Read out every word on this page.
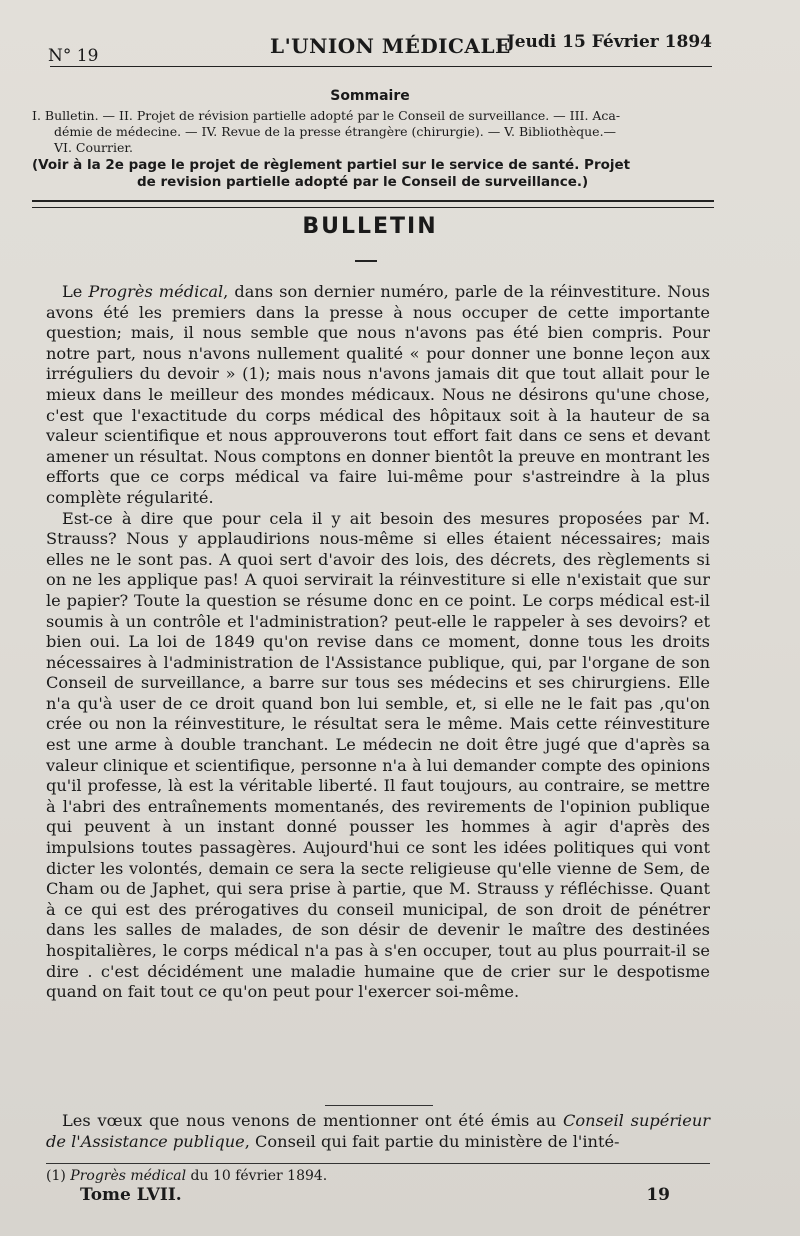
N° 19	L'UNION MÉDICALE
Jeudi 15 Février 1894
Sommaire
I. Bulletin. — II. Projet de révision partielle adopté par le Conseil de surveillance. — III. Aca-
démie de médecine. — IV. Revue de la presse étrangère (chirurgie). — V. Bibliothèque.—
VI. Courrier.
(Voir à la 2e page le projet de règlement partiel sur le service de santé. Projet
de revision partielle adopté par le Conseil de surveillance.)
BULLETIN

Le Progrès médical, dans son dernier numéro, parle de la réinvestiture. Nous avons été les premiers dans la presse à nous occuper de cette importante question; mais, il nous semble que nous n'avons pas été bien compris. Pour notre part, nous n'avons nullement qualité « pour donner une bonne leçon aux irréguliers du devoir » (1); mais nous n'avons jamais dit que tout allait pour le mieux dans le meilleur des mondes médicaux. Nous ne désirons qu'une chose, c'est que l'exactitude du corps médical des hôpitaux soit à la hauteur de sa valeur scientifique et nous approuverons tout effort fait dans ce sens et devant amener un résultat. Nous comptons en donner bientôt la preuve en montrant les efforts que ce corps médical va faire lui-même pour s'astreindre à la plus complète régularité.

Est-ce à dire que pour cela il y ait besoin des mesures proposées par M. Strauss? Nous y applaudirions nous-même si elles étaient nécessaires; mais elles ne le sont pas. A quoi sert d'avoir des lois, des décrets, des règlements si on ne les applique pas! A quoi servirait la réinvestiture si elle n'existait que sur le papier? Toute la question se résume donc en ce point. Le corps médical est-il soumis à un contrôle et l'administration? peut-elle le rappeler à ses devoirs? et bien oui. La loi de 1849 qu'on revise dans ce moment, donne tous les droits nécessaires à l'administration de l'Assistance publique, qui, par l'organe de son Conseil de surveillance, a barre sur tous ses médecins et ses chirurgiens. Elle n'a qu'à user de ce droit quand bon lui semble, et, si elle ne le fait pas ,qu'on crée ou non la réinvestiture, le résultat sera le même. Mais cette réinvestiture est une arme à double tranchant. Le médecin ne doit être jugé que d'après sa valeur clinique et scientifique, personne n'a à lui demander compte des opinions qu'il professe, là est la véritable liberté. Il faut toujours, au contraire, se mettre à l'abri des entraînements momentanés, des revirements de l'opinion publique qui peuvent à un instant donné pousser les hommes à agir d'après des impulsions toutes passagères. Aujourd'hui ce sont les idées politiques qui vont dicter les volontés, demain ce sera la secte religieuse qu'elle vienne de Sem, de Cham ou de Japhet, qui sera prise à partie, que M. Strauss y réfléchisse. Quant à ce qui est des prérogatives du conseil municipal, de son droit de pénétrer dans les salles de malades, de son désir de devenir le maître des destinées hospitalières, le corps médical n'a pas à s'en occuper, tout au plus pourrait-il se dire . c'est décidément une maladie humaine que de crier sur le despotisme quand on fait tout ce qu'on peut pour l'exercer soi-même.

Les vœux que nous venons de mentionner ont été émis au Conseil supérieur de l'Assistance publique, Conseil qui fait partie du ministère de l'inté-
(1) Progrès médical du 10 février 1894.
Tome LVII.	19
